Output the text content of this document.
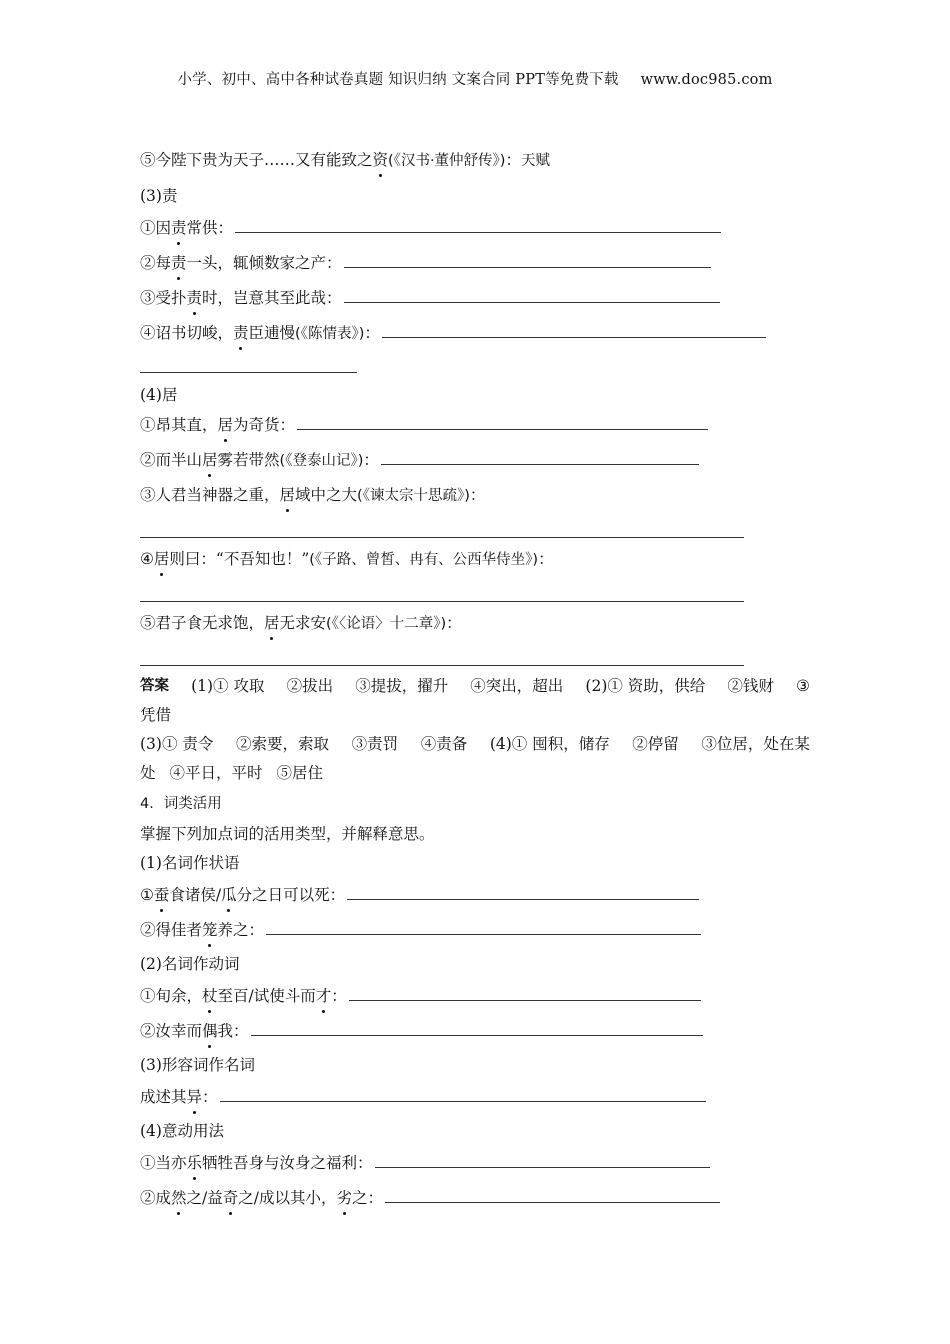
小学、初中、高中各种试卷真题 知识归纳 文案合同 PPT等免费下载 www.doc985.com
⑤今陛下贵为天子……又有能致之资(《汉书·董仲舒传》)：天赋
(3)责
①因责常供：
②每责一头，辄倾数家之产：
③受扑责时，岂意其至此哉：
④诏书切峻，责臣逋慢(《陈情表》)：
(4)居
①昂其直，居为奇货：
②而半山居雾若带然(《登泰山记》)：
③人君当神器之重，居域中之大(《谏太宗十思疏》)：
④居则曰：“不吾知也！”(《子路、曾皙、冉有、公西华侍坐》)：
⑤君子食无求饱，居无求安(《〈论语〉十二章》)：
答案 (1)① 攻取 ②拔出 ③提拔，擢升 ④突出，超出 (2)① 资助，供给 ②钱财 ③
凭借
(3)① 责令 ②索要，索取 ③责罚 ④责备 (4)① 囤积，储存 ②停留 ③位居，处在某
处 ④平日，平时 ⑤居住
4．词类活用
掌握下列加点词的活用类型，并解释意思。
(1)名词作状语
①蚕食诸侯/瓜分之日可以死：
②得佳者笼养之：
(2)名词作动词
①旬余，杖至百/试使斗而才：
②汝幸而偶我：
(3)形容词作名词
成述其异：
(4)意动用法
①当亦乐牺牲吾身与汝身之福利：
②成然之/益奇之/成以其小，劣之：
